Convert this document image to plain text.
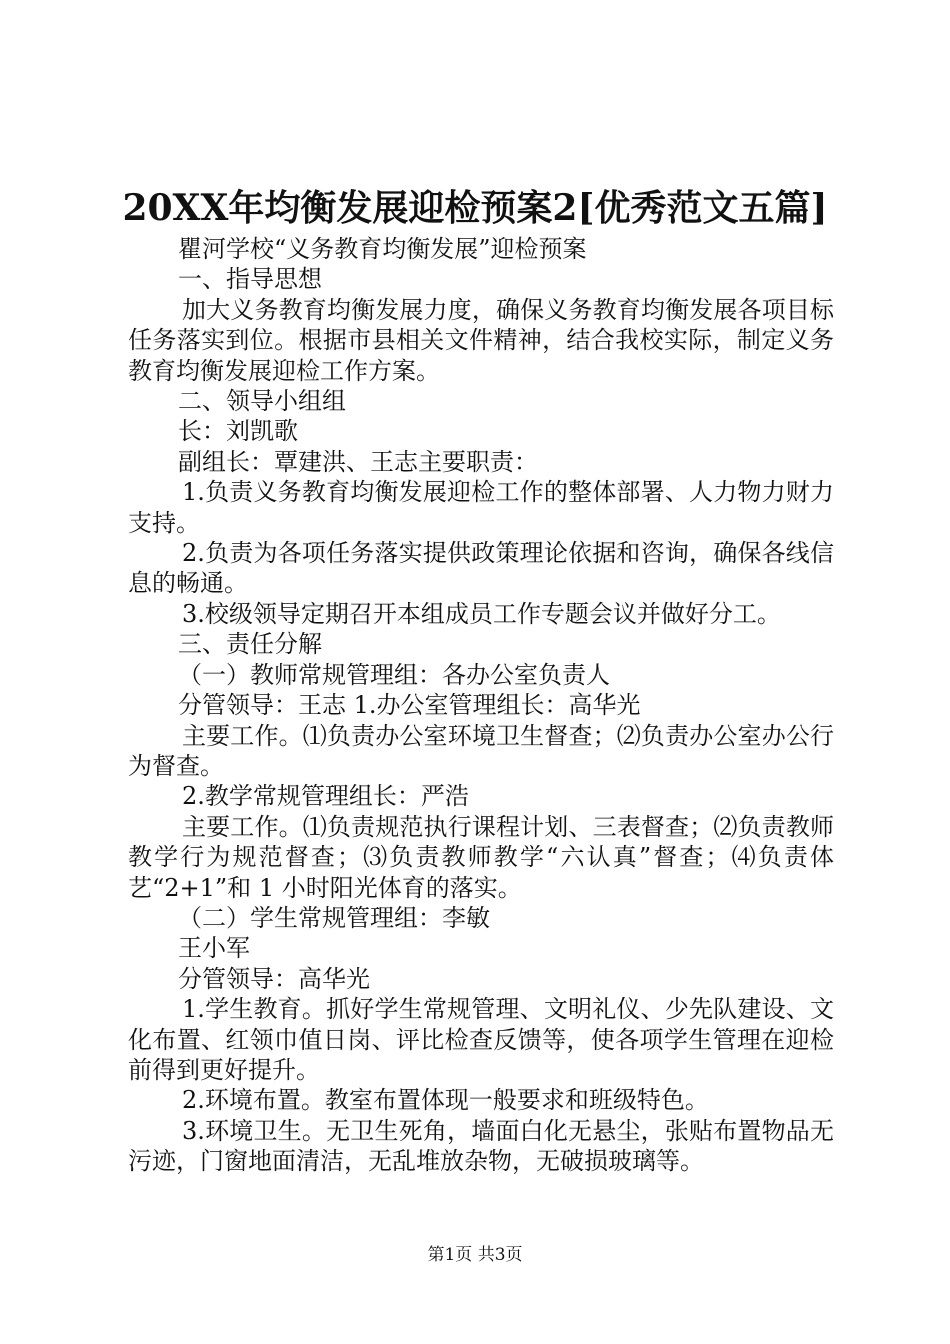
20XX年均衡发展迎检预案2[优秀范文五篇]

瞿河学校“义务教育均衡发展”迎检预案

一、指导思想

加大义务教育均衡发展力度，确保义务教育均衡发展各项目标任务落实到位。根据市县相关文件精神，结合我校实际，制定义务教育均衡发展迎检工作方案。

二、领导小组组

长：刘凯歌

副组长：覃建洪、王志主要职责：

1.负责义务教育均衡发展迎检工作的整体部署、人力物力财力支持。

2.负责为各项任务落实提供政策理论依据和咨询，确保各线信息的畅通。

3.校级领导定期召开本组成员工作专题会议并做好分工。

三、责任分解

（一）教师常规管理组：各办公室负责人

分管领导：王志 1.办公室管理组长：高华光

主要工作。⑴负责办公室环境卫生督查；⑵负责办公室办公行为督查。

2.教学常规管理组长：严浩

主要工作。⑴负责规范执行课程计划、三表督查；⑵负责教师教学行为规范督查；⑶负责教师教学“六认真”督查；⑷负责体艺“2+1”和 1 小时阳光体育的落实。

（二）学生常规管理组：李敏

王小军

分管领导：高华光

1.学生教育。抓好学生常规管理、文明礼仪、少先队建设、文化布置、红领巾值日岗、评比检查反馈等，使各项学生管理在迎检前得到更好提升。

2.环境布置。教室布置体现一般要求和班级特色。

3.环境卫生。无卫生死角，墙面白化无悬尘，张贴布置物品无污迹，门窗地面清洁，无乱堆放杂物，无破损玻璃等。

第1页 共3页
